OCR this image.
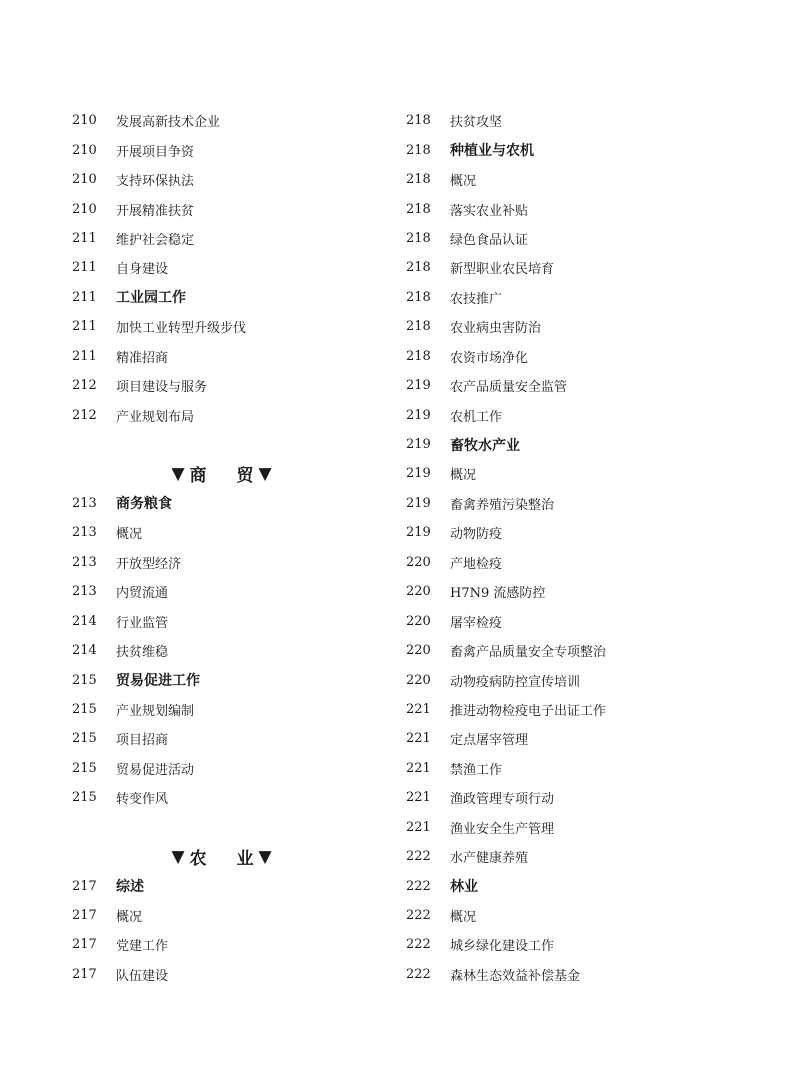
210	发展高新技术企业
210	开展项目争资
210	支持环保执法
210	开展精准扶贫
211	维护社会稳定
211	自身建设
211	工业园工作
211	加快工业转型升级步伐
211	精准招商
212	项目建设与服务
212	产业规划布局
▼ 商 贸 ▼
213	商务粮食
213	概况
213	开放型经济
213	内贸流通
214	行业监管
214	扶贫维稳
215	贸易促进工作
215	产业规划编制
215	项目招商
215	贸易促进活动
215	转变作风
▼ 农 业 ▼
217	综述
217	概况
217	党建工作
217	队伍建设
218	扶贫攻坚
218	种植业与农机
218	概况
218	落实农业补贴
218	绿色食品认证
218	新型职业农民培育
218	农技推广
218	农业病虫害防治
218	农资市场净化
219	农产品质量安全监管
219	农机工作
219	畜牧水产业
219	概况
219	畜禽养殖污染整治
219	动物防疫
220	产地检疫
220	H7N9 流感防控
220	屠宰检疫
220	畜禽产品质量安全专项整治
220	动物疫病防控宣传培训
221	推进动物检疫电子出证工作
221	定点屠宰管理
221	禁渔工作
221	渔政管理专项行动
221	渔业安全生产管理
222	水产健康养殖
222	林业
222	概况
222	城乡绿化建设工作
222	森林生态效益补偿基金
